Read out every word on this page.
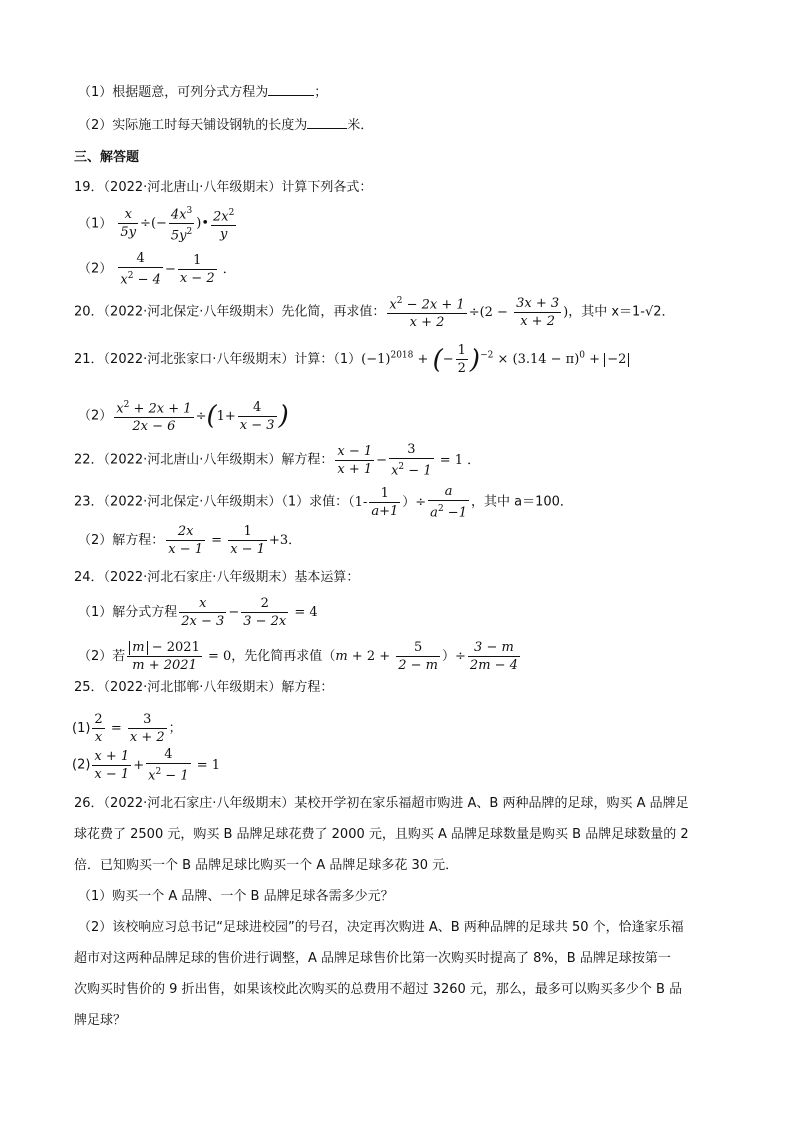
（1）根据题意，可列分式方程为	；
（2）实际施工时每天铺设钢轨的长度为	米．
三、解答题
19．（2022·河北唐山·八年级期末）计算下列各式：
$(1) \frac{x}{5y}$ ÷(− $\frac{4x^3}{5y^2}$ )• $\frac{2x^2}{y}$
$(2) \frac{4}{x^2 - 4} - \frac{1}{x - 2}$ ．
20．（2022·河北保定·八年级期末）先化简，再求值： $\frac{x^2 - 2x + 1}{x + 2} \div(2 - \frac{3x + 3}{x + 2}$ )，其中 x＝1-√2．
21．（2022·河北张家口·八年级期末）计算：$(1)(-1)^{2018}$ + (− $\frac{1}{2} )^{-2} \times (3.14 - \pi)^0 + -2$
$(2) \frac{x^2 + 2x + 1}{2x - 6} \div(1+ \frac{4}{x - 3}$ )
22．（2022·河北唐山·八年级期末）解方程： $\frac{x - 1}{x + 1} - \frac{3}{x^2 - 1} = 1$ ．
23．（2022·河北保定·八年级期末）（1）求值：（$1- \frac{1}{a+1}$ ）÷ $\frac{a}{a^2 -1}$ ，其中 a＝100．
（2）解方程： $\frac{2x}{x - 1} = \frac{1}{x - 1} +3$．
24．（2022·河北石家庄·八年级期末）基本运算：
（1）解分式方程 $\frac{x}{2x - 3} - \frac{2}{3 - 2x} = 4$
（2）若 $\frac{m - 2021}{m + 2021} = 0$，先化简再求值（$m + 2 + \frac{5}{2 - m}$ ）÷ $\frac{3 - m}{2m - 4}$
25．（2022·河北邯郸·八年级期末）解方程：
$(1) \frac{2}{x} = \frac{3}{x + 2}$ ；
$(2) \frac{x + 1}{x - 1} + \frac{4}{x^2 - 1} = 1$
26．（2022·河北石家庄·八年级期末）某校开学初在家乐福超市购进 A、B 两种品牌的足球，购买 A 品牌足
球花费了 2500 元，购买 B 品牌足球花费了 2000 元，且购买 A 品牌足球数量是购买 B 品牌足球数量的 2
倍．已知购买一个 B 品牌足球比购买一个 A 品牌足球多花 30 元．
（1）购买一个 A 品牌、一个 B 品牌足球各需多少元？
（2）该校响应习总书记“足球进校园”的号召，决定再次购进 A、B 两种品牌的足球共 50 个，恰逢家乐福
超市对这两种品牌足球的售价进行调整，A 品牌足球售价比第一次购买时提高了 8%，B 品牌足球按第一
次购买时售价的 9 折出售，如果该校此次购买的总费用不超过 3260 元，那么，最多可以购买多少个 B 品
牌足球？
